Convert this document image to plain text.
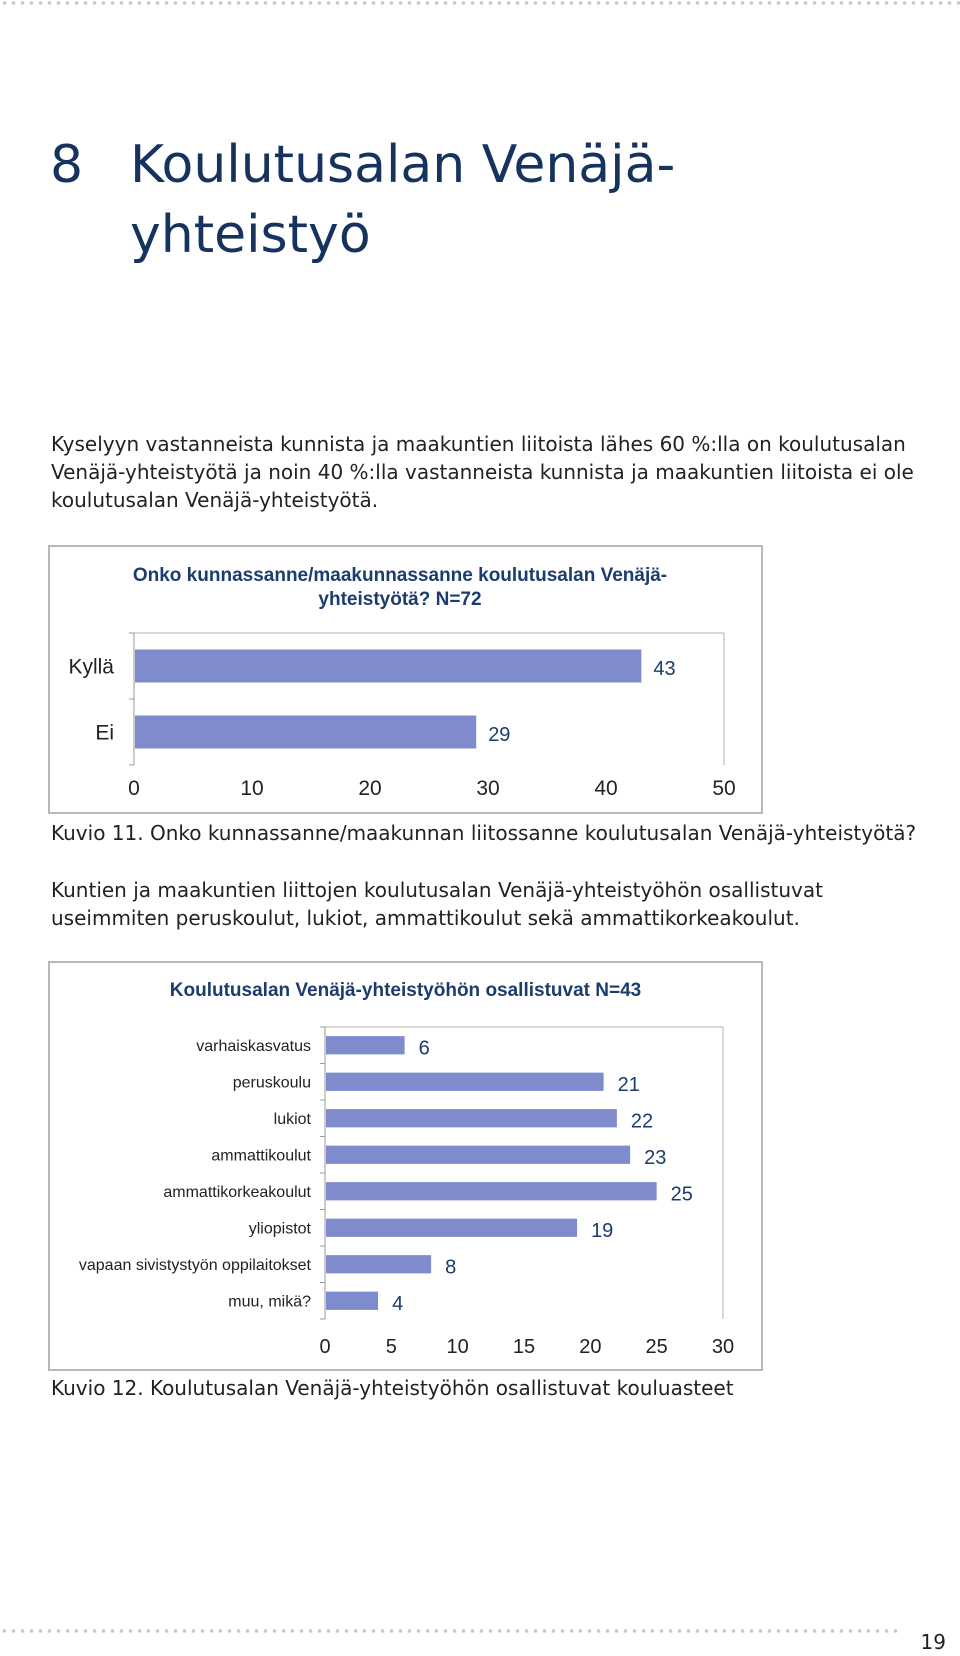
8 Koulutusalan Venäjä-yhteistyö

Kyselyyn vastanneista kunnista ja maakuntien liitoista lähes 60 %:lla on koulutusalan Venäjä-yhteistyötä ja noin 40 %:lla vastanneista kunnista ja maakuntien liitoista ei ole koulutusalan Venäjä-yhteistyötä.

Onko kunnassanne/maakunnassanne koulutusalan Venäjä-yhteistyötä? N=72
Kyllä	43
Ei	29
0	10	20	30	40	50
Kuvio 11. Onko kunnassanne/maakunnan liitossanne koulutusalan Venäjä-yhteistyötä?

Kuntien ja maakuntien liittojen koulutusalan Venäjä-yhteistyöhön osallistuvat useimmiten peruskoulut, lukiot, ammattikoulut sekä ammattikorkeakoulut.

Koulutusalan Venäjä-yhteistyöhön osallistuvat N=43
varhaiskasvatus	6
peruskoulu	21
lukiot	22
ammattikoulut	23
ammattikorkeakoulut	25
yliopistot	19
vapaan sivistystyön oppilaitokset	8
muu, mikä?	4
0	5 10 15 20 25 30
Kuvio 12. Koulutusalan Venäjä-yhteistyöhön osallistuvat kouluasteet
19
